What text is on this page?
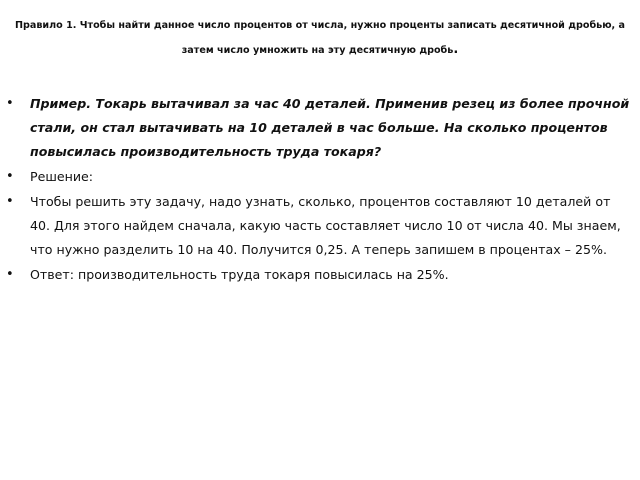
Правило 1. Чтобы найти данное число процентов от числа, нужно проценты записать десятичной дробью, а затем число умножить на эту десятичную дробь.
• Пример. Токарь вытачивал за час 40 деталей. Применив резец из более прочной стали, он стал вытачивать на 10 деталей в час больше. На сколько процентов повысилась производительность труда токаря?
• Решение:
• Чтобы решить эту задачу, надо узнать, сколько, процентов составляют 10 деталей от 40. Для этого найдем сначала, какую часть составляет число 10 от числа 40. Мы знаем, что нужно разделить 10 на 40. Получится 0,25. А теперь запишем в процентах – 25%.
• Ответ: производительность труда токаря повысилась на 25%.
